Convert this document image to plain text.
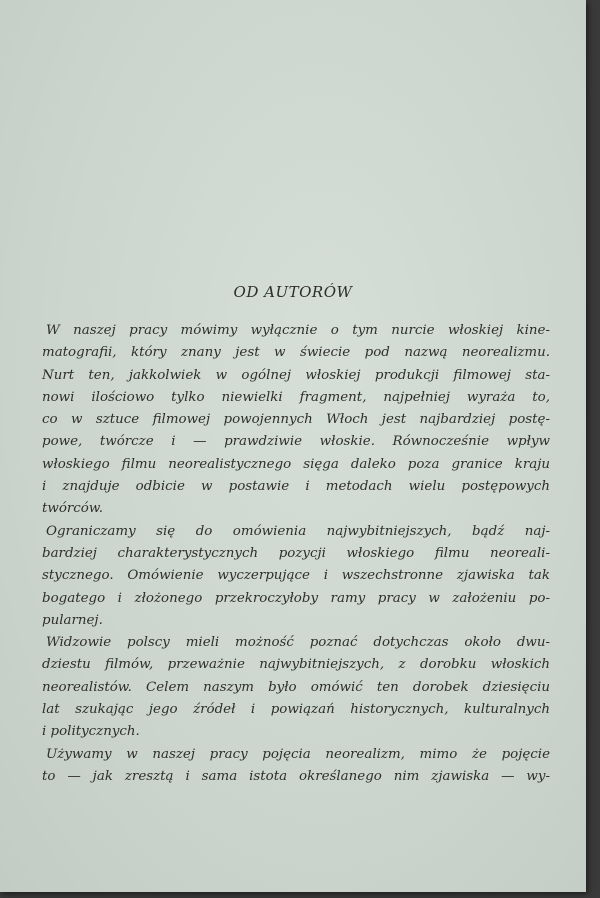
OD AUTORÓW

W naszej pracy mówimy wyłącznie o tym nurcie włoskiej kine-
matografii, który znany jest w świecie pod nazwą neorealizmu.
Nurt ten, jakkolwiek w ogólnej włoskiej produkcji filmowej sta-
nowi ilościowo tylko niewielki fragment, najpełniej wyraża to,
co w sztuce filmowej powojennych Włoch jest najbardziej postę-
powe, twórcze i — prawdziwie włoskie. Równocześnie wpływ
włoskiego filmu neorealistycznego sięga daleko poza granice kraju
i znajduje odbicie w postawie i metodach wielu postępowych
twórców.

Ograniczamy się do omówienia najwybitniejszych, bądź naj-
bardziej charakterystycznych pozycji włoskiego filmu neoreali-
stycznego. Omówienie wyczerpujące i wszechstronne zjawiska tak
bogatego i złożonego przekroczyłoby ramy pracy w założeniu po-
pularnej.

Widzowie polscy mieli możność poznać dotychczas około dwu-
dziestu filmów, przeważnie najwybitniejszych, z dorobku włoskich
neorealistów. Celem naszym było omówić ten dorobek dziesięciu
lat szukając jego źródeł i powiązań historycznych, kulturalnych
i politycznych.

Używamy w naszej pracy pojęcia neorealizm, mimo że pojęcie
to — jak zresztą i sama istota określanego nim zjawiska — wy-
